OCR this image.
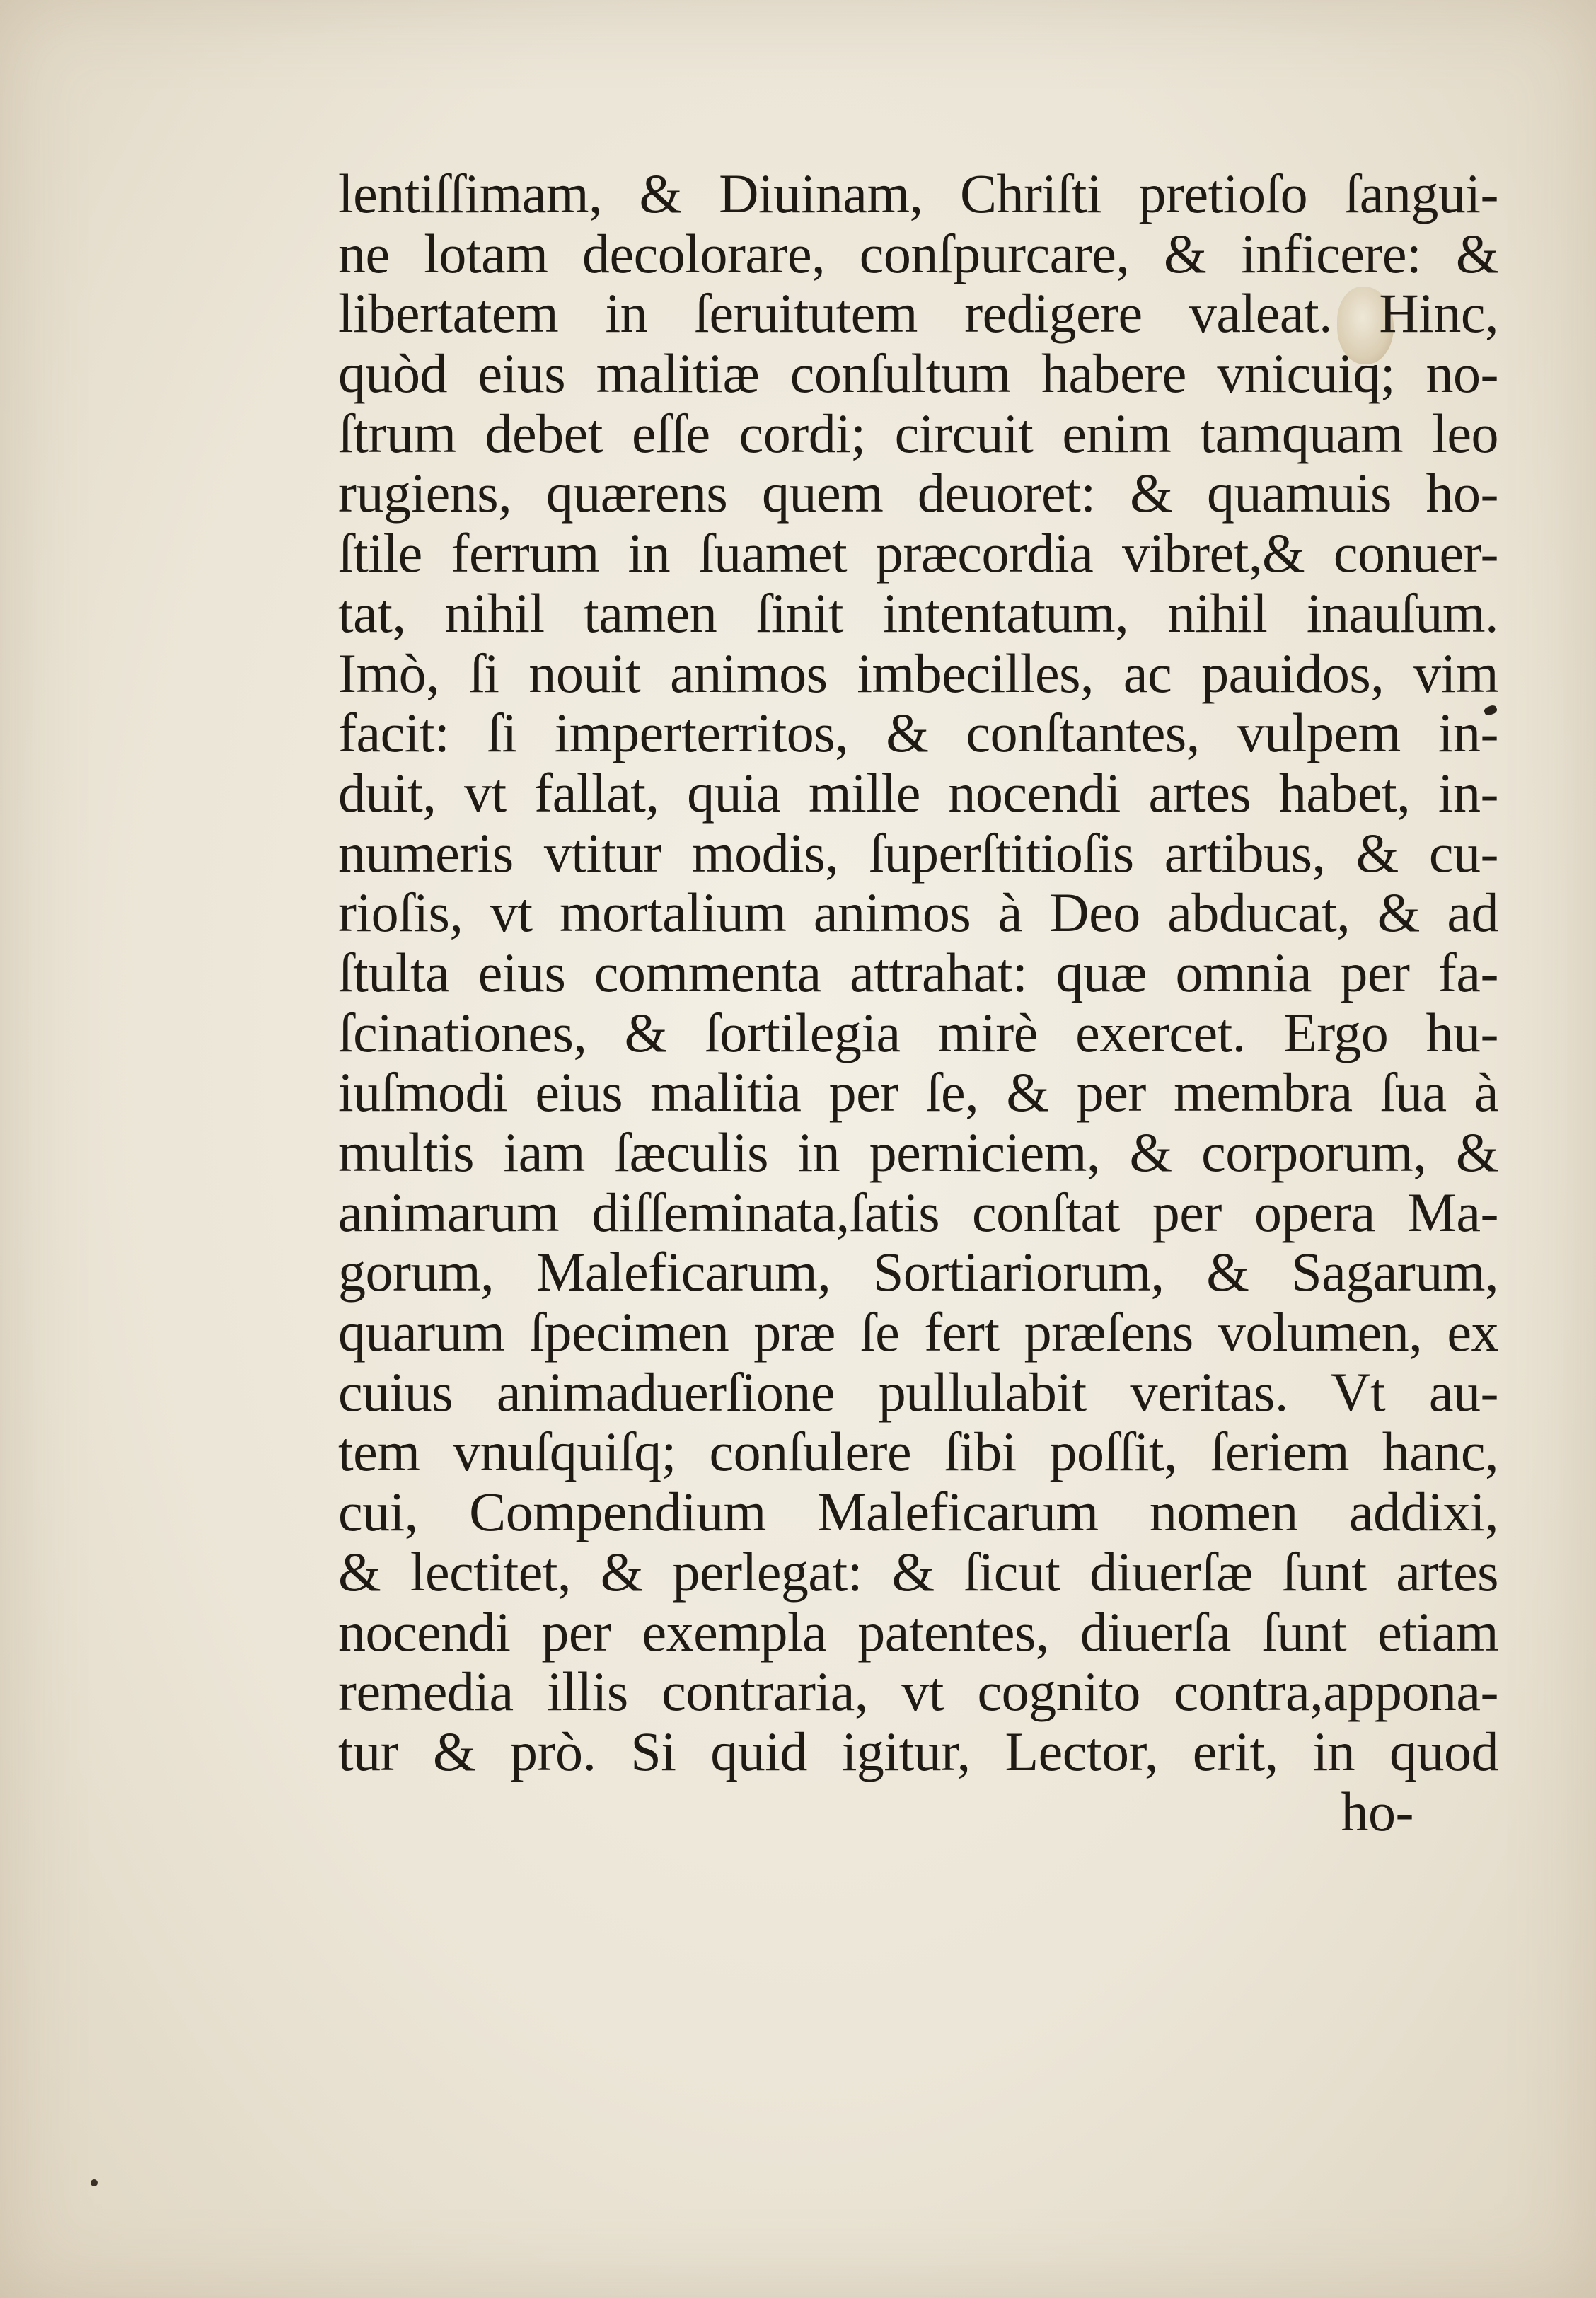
lentiſſimam, & Diuinam, Chriſti pretioſo ſangui-
ne lotam decolorare, conſpurcare, & inficere: &
libertatem in ſeruitutem redigere valeat. Hinc,
quòd eius malitiæ conſultum habere vnicuiq; no-
ſtrum debet eſſe cordi; circuit enim tamquam leo
rugiens, quærens quem deuoret: & quamuis ho-
ſtile ferrum in ſuamet præcordia vibret,& conuer-
tat, nihil tamen ſinit intentatum, nihil inauſum.
Imò, ſi nouit animos imbecilles, ac pauidos, vim
facit: ſi imperterritos, & conſtantes, vulpem in-
duit, vt fallat, quia mille nocendi artes habet, in-
numeris vtitur modis, ſuperſtitioſis artibus, & cu-
rioſis, vt mortalium animos à Deo abducat, & ad
ſtulta eius commenta attrahat: quæ omnia per fa-
ſcinationes, & ſortilegia mirè exercet. Ergo hu-
iuſmodi eius malitia per ſe, & per membra ſua à
multis iam ſæculis in perniciem, & corporum, &
animarum diſſeminata,ſatis conſtat per opera Ma-
gorum, Maleficarum, Sortiariorum, & Sagarum,
quarum ſpecimen præ ſe fert præſens volumen, ex
cuius animaduerſione pullulabit veritas. Vt au-
tem vnuſquiſq; conſulere ſibi poſſit, ſeriem hanc,
cui, Compendium Maleficarum nomen addixi,
& lectitet, & perlegat: & ſicut diuerſæ ſunt artes
nocendi per exempla patentes, diuerſa ſunt etiam
remedia illis contraria, vt cognito contra,appona-
tur & prò. Si quid igitur, Lector, erit, in quod
ho-
